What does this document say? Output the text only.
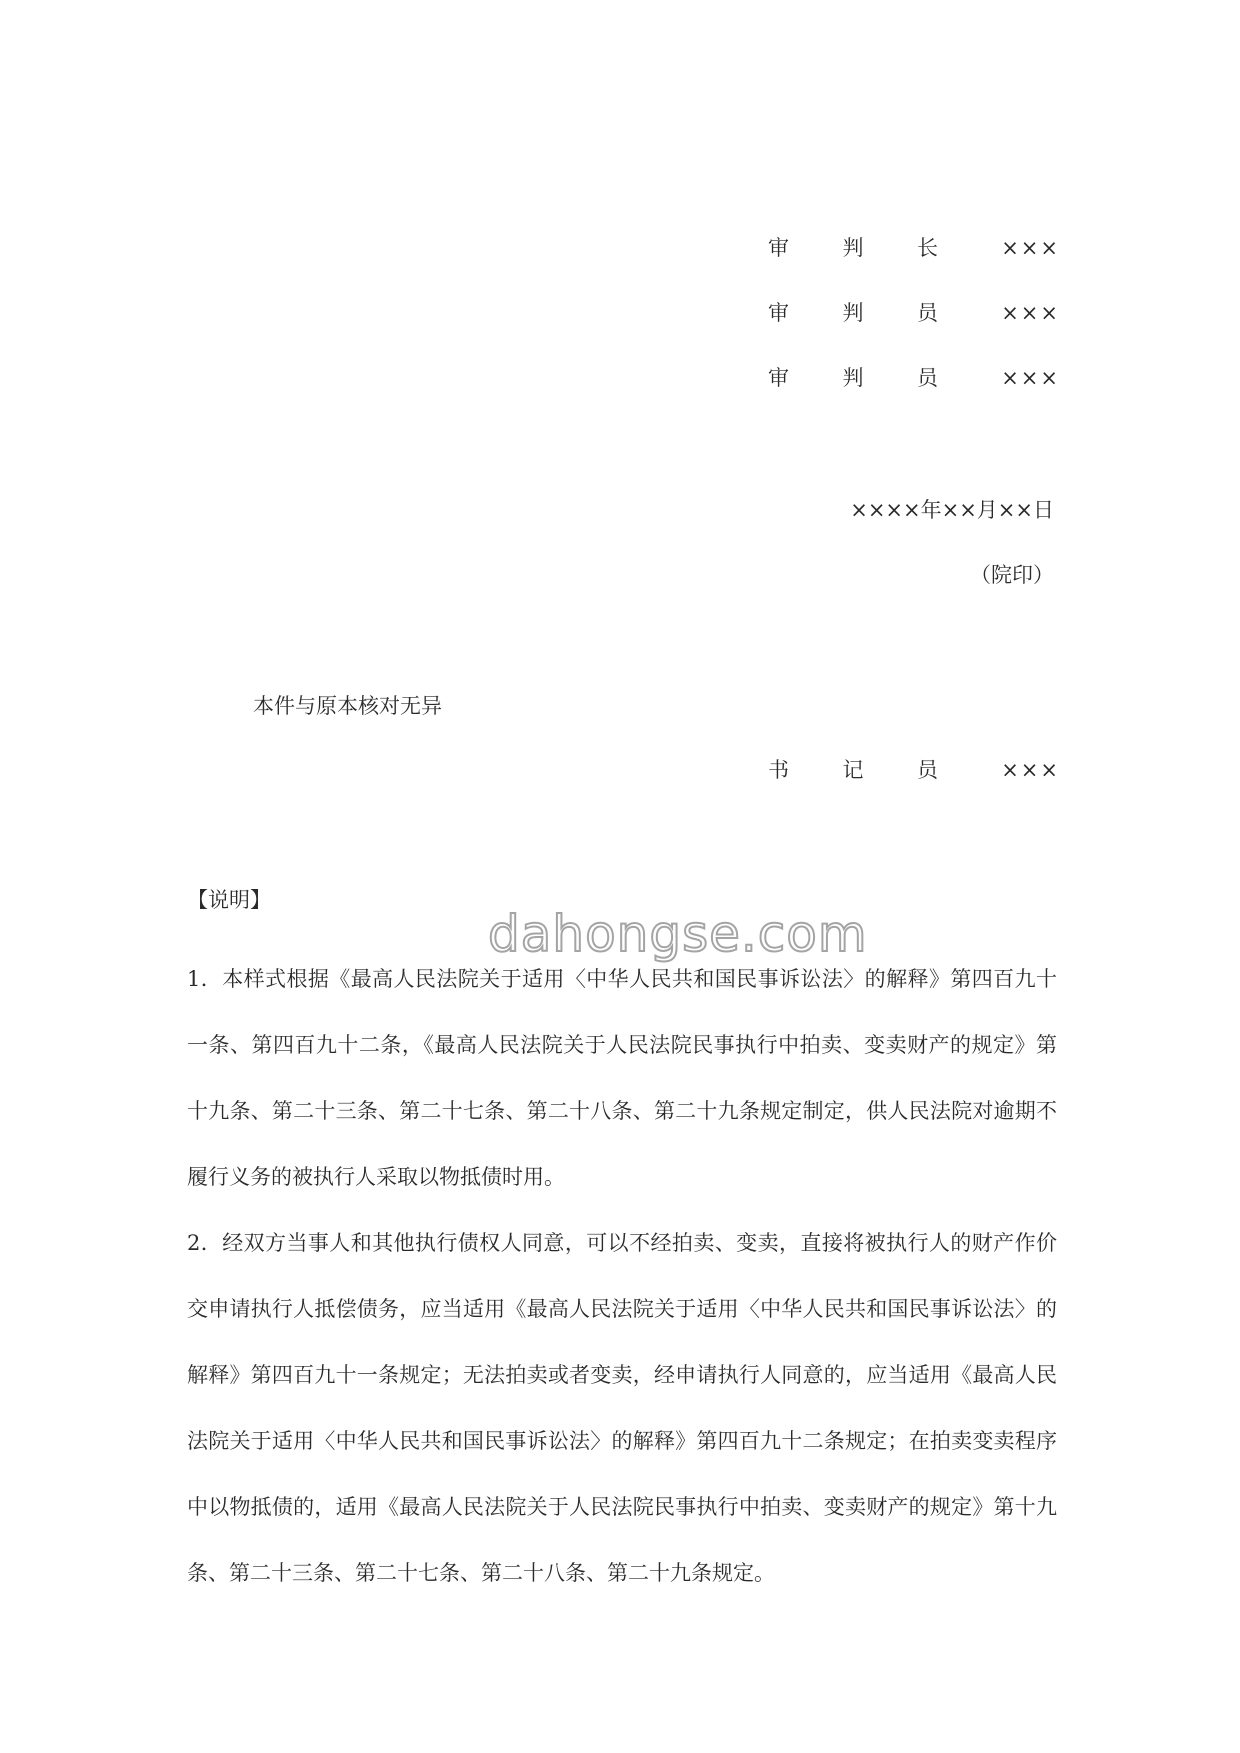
审	判	长	×××
审	判	员	×××
审	判	员	×××
××××年××月××日
（院印）
本件与原本核对无异
书	记	员	×××
【说明】
1．本样式根据《最高人民法院关于适用〈中华人民共和国民事诉讼法〉的解释》第四百九十一条、第四百九十二条，《最高人民法院关于人民法院民事执行中拍卖、变卖财产的规定》第十九条、第二十三条、第二十七条、第二十八条、第二十九条规定制定，供人民法院对逾期不履行义务的被执行人采取以物抵债时用。
2．经双方当事人和其他执行债权人同意，可以不经拍卖、变卖，直接将被执行人的财产作价交申请执行人抵偿债务，应当适用《最高人民法院关于适用〈中华人民共和国民事诉讼法〉的解释》第四百九十一条规定；无法拍卖或者变卖，经申请执行人同意的，应当适用《最高人民法院关于适用〈中华人民共和国民事诉讼法〉的解释》第四百九十二条规定；在拍卖变卖程序中以物抵债的，适用《最高人民法院关于人民法院民事执行中拍卖、变卖财产的规定》第十九条、第二十三条、第二十七条、第二十八条、第二十九条规定。
dahongse.com
